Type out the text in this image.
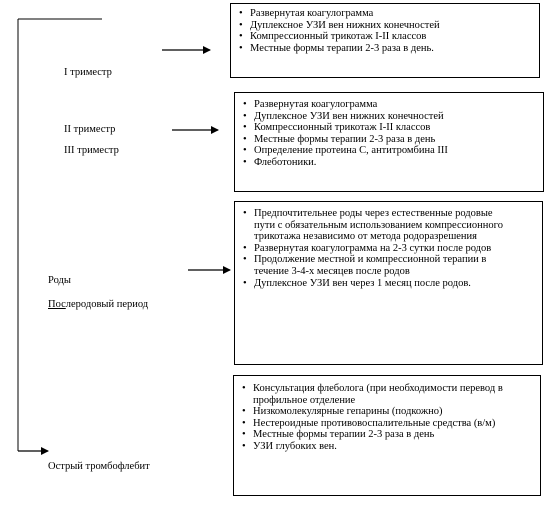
I триместр
II триместр
III триместр
Роды
Послеродовый период
Острый тромбофлебит
• Развернутая коагулограмма
• Дуплексное УЗИ вен нижних конечностей
• Компрессионный трикотаж I-II классов
• Местные формы терапии 2-3 раза в день.
• Развернутая коагулограмма
• Дуплексное УЗИ вен нижних конечностей
• Компрессионный трикотаж I-II классов
• Местные формы терапии 2-3 раза в день
• Определение протеина С, антитромбина III
• Флеботоники.
• Предпочтительнее роды через естественные родовые пути с обязательным использованием компрессионного трикотажа независимо от метода родоразрешения
• Развернутая коагулограмма на 2-3 сутки после родов
• Продолжение местной и компрессионной терапии в течение 3-4-х месяцев после родов
• Дуплексное УЗИ вен через 1 месяц после родов.
• Консультация флеболога (при необходимости перевод в профильное отделение
• Низкомолекулярные гепарины (подкожно)
• Нестероидные противовоспалительные средства (в/м)
• Местные формы терапии 2-3 раза в день
• УЗИ глубоких вен.
